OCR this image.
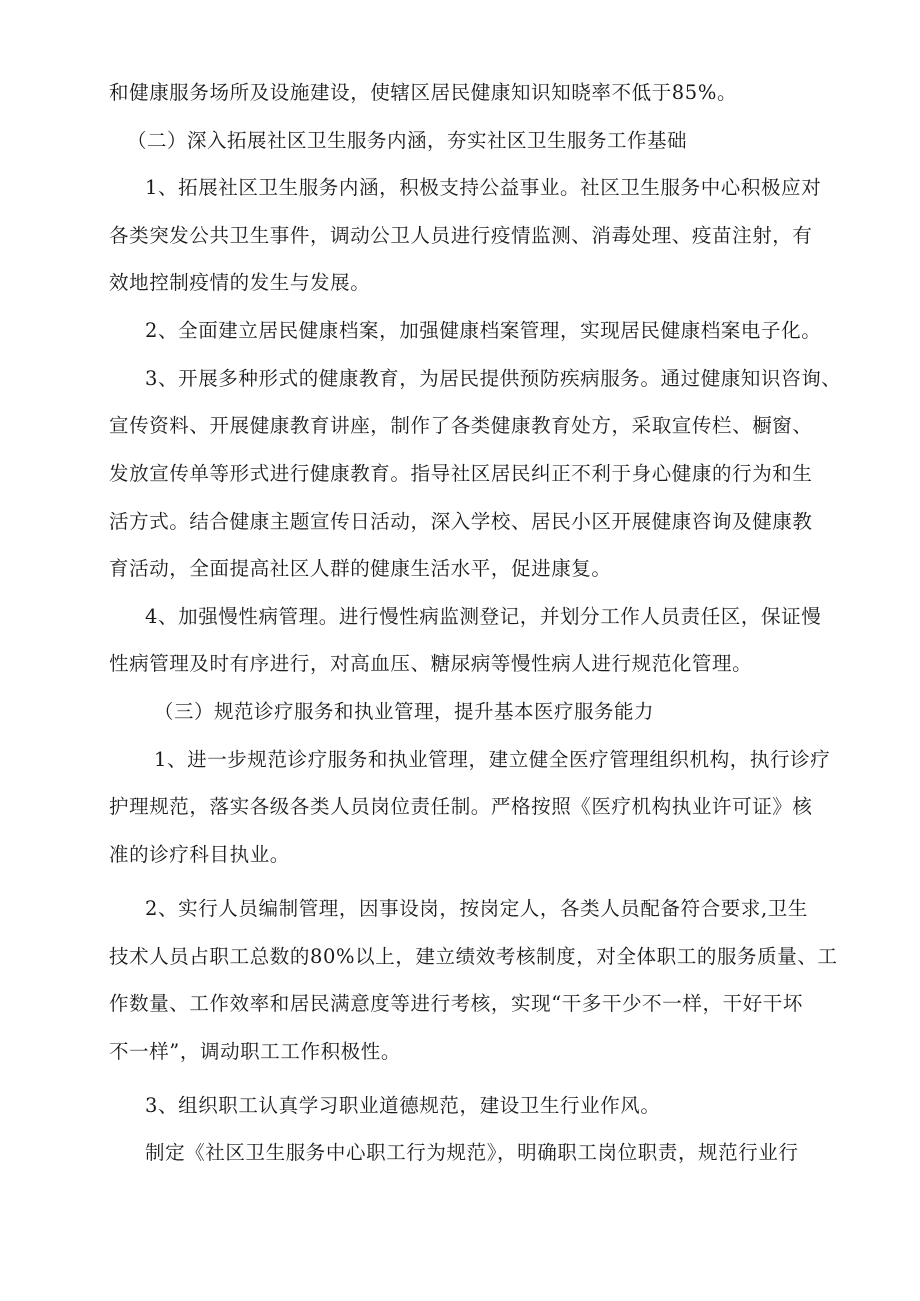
和健康服务场所及设施建设，使辖区居民健康知识知晓率不低于85%。
（二）深入拓展社区卫生服务内涵，夯实社区卫生服务工作基础
1、拓展社区卫生服务内涵，积极支持公益事业。社区卫生服务中心积极应对
各类突发公共卫生事件，调动公卫人员进行疫情监测、消毒处理、疫苗注射，有
效地控制疫情的发生与发展。
2、全面建立居民健康档案，加强健康档案管理，实现居民健康档案电子化。
3、开展多种形式的健康教育，为居民提供预防疾病服务。通过健康知识咨询、
宣传资料、开展健康教育讲座，制作了各类健康教育处方，采取宣传栏、橱窗、
发放宣传单等形式进行健康教育。指导社区居民纠正不利于身心健康的行为和生
活方式。结合健康主题宣传日活动，深入学校、居民小区开展健康咨询及健康教
育活动，全面提高社区人群的健康生活水平，促进康复。
4、加强慢性病管理。进行慢性病监测登记，并划分工作人员责任区，保证慢
性病管理及时有序进行，对高血压、糖尿病等慢性病人进行规范化管理。
（三）规范诊疗服务和执业管理，提升基本医疗服务能力
1、进一步规范诊疗服务和执业管理，建立健全医疗管理组织机构，执行诊疗
护理规范，落实各级各类人员岗位责任制。严格按照《医疗机构执业许可证》核
准的诊疗科目执业。
2、实行人员编制管理，因事设岗，按岗定人，各类人员配备符合要求,卫生
技术人员占职工总数的80%以上，建立绩效考核制度，对全体职工的服务质量、工
作数量、工作效率和居民满意度等进行考核，实现“干多干少不一样，干好干坏
不一样”，调动职工工作积极性。
3、组织职工认真学习职业道德规范，建设卫生行业作风。
制定《社区卫生服务中心职工行为规范》，明确职工岗位职责，规范行业行
